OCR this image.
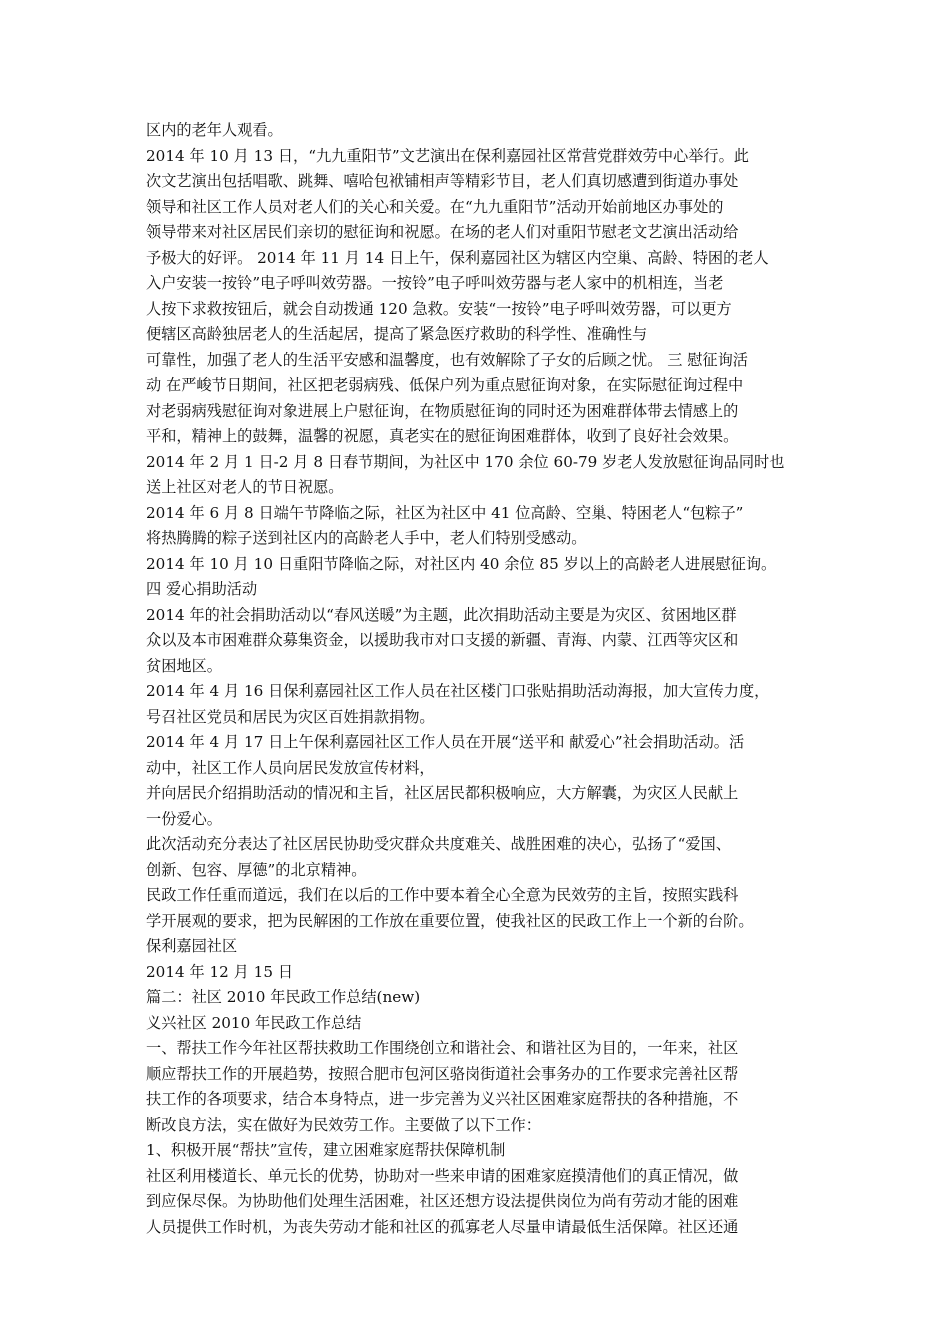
区内的老年人观看。
2014 年 10 月 13 日，“九九重阳节”文艺演出在保利嘉园社区常营党群效劳中心举行。此
次文艺演出包括唱歌、跳舞、嘻哈包袱铺相声等精彩节目，老人们真切感遭到街道办事处
领导和社区工作人员对老人们的关心和关爱。在“九九重阳节”活动开始前地区办事处的
领导带来对社区居民们亲切的慰征询和祝愿。在场的老人们对重阳节慰老文艺演出活动给
予极大的好评。 2014 年 11 月 14 日上午，保利嘉园社区为辖区内空巢、高龄、特困的老人
入户安装一按铃”电子呼叫效劳器。一按铃”电子呼叫效劳器与老人家中的机相连，当老
人按下求救按钮后，就会自动拨通 120 急救。安装“一按铃”电子呼叫效劳器，可以更方
便辖区高龄独居老人的生活起居，提高了紧急医疗救助的科学性、准确性与
可靠性，加强了老人的生活平安感和温馨度，也有效解除了子女的后顾之忧。 三 慰征询活
动 在严峻节日期间，社区把老弱病残、低保户列为重点慰征询对象，在实际慰征询过程中
对老弱病残慰征询对象进展上户慰征询，在物质慰征询的同时还为困难群体带去情感上的
平和，精神上的鼓舞，温馨的祝愿，真老实在的慰征询困难群体，收到了良好社会效果。
2014 年 2 月 1 日-2 月 8 日春节期间，为社区中 170 余位 60-79 岁老人发放慰征询品同时也
送上社区对老人的节日祝愿。
2014 年 6 月 8 日端午节降临之际，社区为社区中 41 位高龄、空巢、特困老人“包粽子”
将热腾腾的粽子送到社区内的高龄老人手中，老人们特别受感动。
2014 年 10 月 10 日重阳节降临之际，对社区内 40 余位 85 岁以上的高龄老人进展慰征询。
四 爱心捐助活动
2014 年的社会捐助活动以“春风送暖”为主题，此次捐助活动主要是为灾区、贫困地区群
众以及本市困难群众募集资金，以援助我市对口支援的新疆、青海、内蒙、江西等灾区和
贫困地区。
2014 年 4 月 16 日保利嘉园社区工作人员在社区楼门口张贴捐助活动海报，加大宣传力度，
号召社区党员和居民为灾区百姓捐款捐物。
2014 年 4 月 17 日上午保利嘉园社区工作人员在开展“送平和 献爱心”社会捐助活动。活
动中，社区工作人员向居民发放宣传材料，
并向居民介绍捐助活动的情况和主旨，社区居民都积极响应，大方解囊，为灾区人民献上
一份爱心。
此次活动充分表达了社区居民协助受灾群众共度难关、战胜困难的决心，弘扬了“爱国、
创新、包容、厚德”的北京精神。
民政工作任重而道远，我们在以后的工作中要本着全心全意为民效劳的主旨，按照实践科
学开展观的要求，把为民解困的工作放在重要位置，使我社区的民政工作上一个新的台阶。
保利嘉园社区
2014 年 12 月 15 日
篇二：社区 2010 年民政工作总结(new)
义兴社区 2010 年民政工作总结
一、帮扶工作今年社区帮扶救助工作围绕创立和谐社会、和谐社区为目的，一年来，社区
顺应帮扶工作的开展趋势，按照合肥市包河区骆岗街道社会事务办的工作要求完善社区帮
扶工作的各项要求，结合本身特点，进一步完善为义兴社区困难家庭帮扶的各种措施，不
断改良方法，实在做好为民效劳工作。主要做了以下工作：
1、积极开展“帮扶”宣传，建立困难家庭帮扶保障机制
社区利用楼道长、单元长的优势，协助对一些来申请的困难家庭摸清他们的真正情况，做
到应保尽保。为协助他们处理生活困难，社区还想方设法提供岗位为尚有劳动才能的困难
人员提供工作时机，为丧失劳动才能和社区的孤寡老人尽量申请最低生活保障。社区还通
